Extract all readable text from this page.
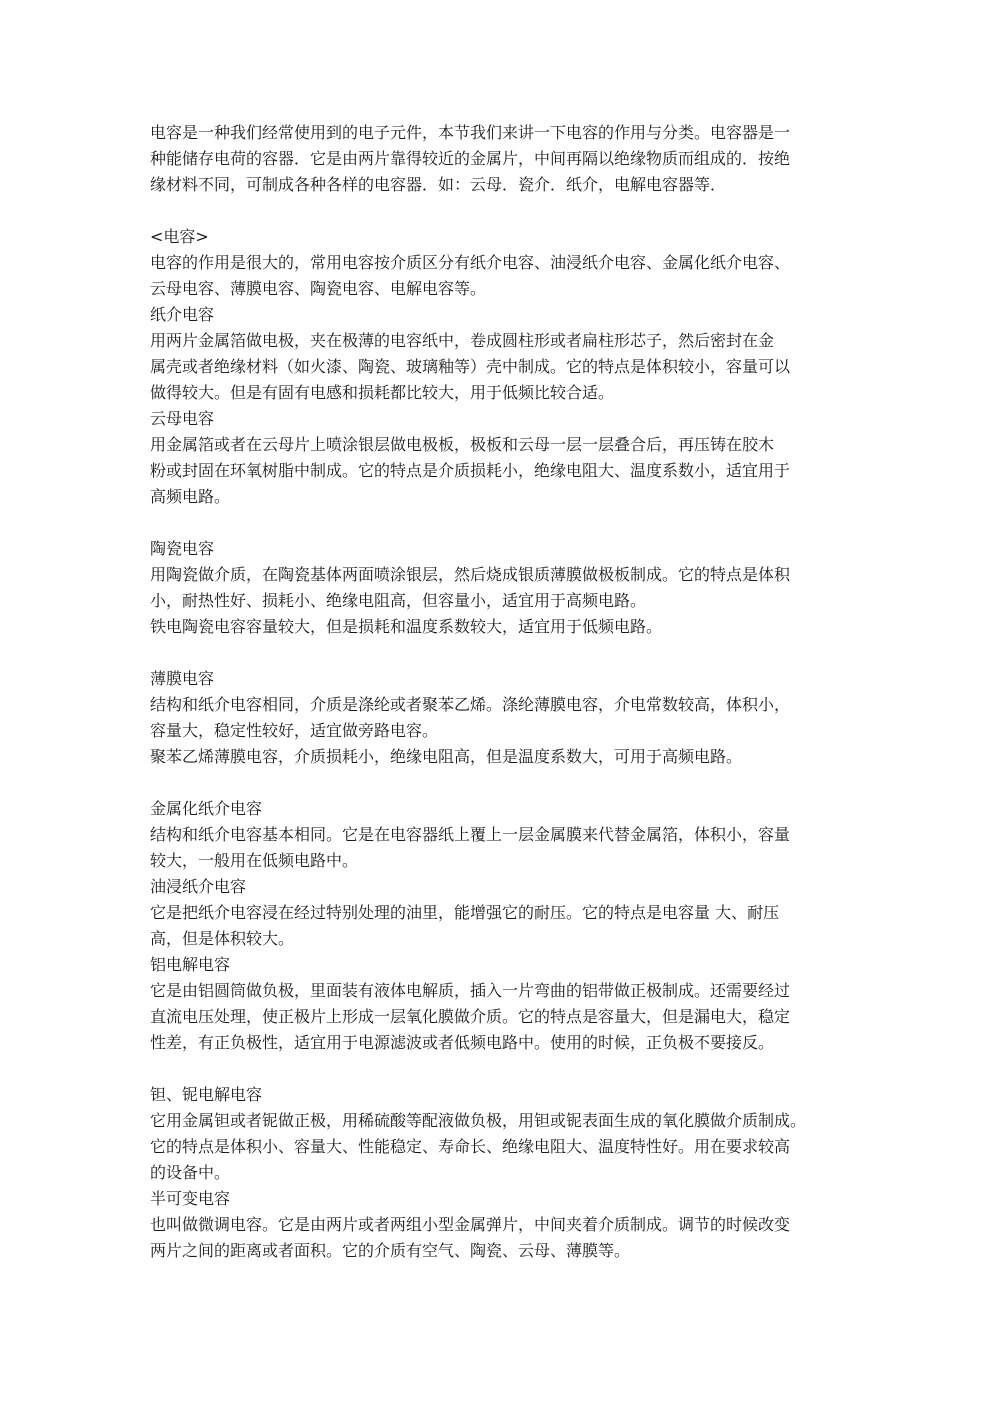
电容是一种我们经常使用到的电子元件，本节我们来讲一下电容的作用与分类。电容器是一
种能储存电荷的容器．它是由两片靠得较近的金属片，中间再隔以绝缘物质而组成的．按绝
缘材料不同，可制成各种各样的电容器．如：云母．瓷介．纸介，电解电容器等．
<电容>
电容的作用是很大的，常用电容按介质区分有纸介电容、油浸纸介电容、金属化纸介电容、
云母电容、薄膜电容、陶瓷电容、电解电容等。
纸介电容
用两片金属箔做电极，夹在极薄的电容纸中，卷成圆柱形或者扁柱形芯子，然后密封在金
属壳或者绝缘材料（如火漆、陶瓷、玻璃釉等）壳中制成。它的特点是体积较小，容量可以
做得较大。但是有固有电感和损耗都比较大，用于低频比较合适。
云母电容
用金属箔或者在云母片上喷涂银层做电极板，极板和云母一层一层叠合后，再压铸在胶木
粉或封固在环氧树脂中制成。它的特点是介质损耗小，绝缘电阻大、温度系数小，适宜用于
高频电路。
陶瓷电容
用陶瓷做介质，在陶瓷基体两面喷涂银层，然后烧成银质薄膜做极板制成。它的特点是体积
小，耐热性好、损耗小、绝缘电阻高，但容量小，适宜用于高频电路。
铁电陶瓷电容容量较大，但是损耗和温度系数较大，适宜用于低频电路。
薄膜电容
结构和纸介电容相同，介质是涤纶或者聚苯乙烯。涤纶薄膜电容，介电常数较高，体积小，
容量大，稳定性较好，适宜做旁路电容。
聚苯乙烯薄膜电容，介质损耗小，绝缘电阻高，但是温度系数大，可用于高频电路。
金属化纸介电容
结构和纸介电容基本相同。它是在电容器纸上覆上一层金属膜来代替金属箔，体积小，容量
较大，一般用在低频电路中。
油浸纸介电容
它是把纸介电容浸在经过特别处理的油里，能增强它的耐压。它的特点是电容量 大、耐压
高，但是体积较大。
铝电解电容
它是由铝圆筒做负极，里面装有液体电解质，插入一片弯曲的铝带做正极制成。还需要经过
直流电压处理，使正极片上形成一层氧化膜做介质。它的特点是容量大，但是漏电大，稳定
性差，有正负极性，适宜用于电源滤波或者低频电路中。使用的时候，正负极不要接反。
钽、铌电解电容
它用金属钽或者铌做正极，用稀硫酸等配液做负极，用钽或铌表面生成的氧化膜做介质制成。
它的特点是体积小、容量大、性能稳定、寿命长、绝缘电阻大、温度特性好。用在要求较高
的设备中。
半可变电容
也叫做微调电容。它是由两片或者两组小型金属弹片，中间夹着介质制成。调节的时候改变
两片之间的距离或者面积。它的介质有空气、陶瓷、云母、薄膜等。
